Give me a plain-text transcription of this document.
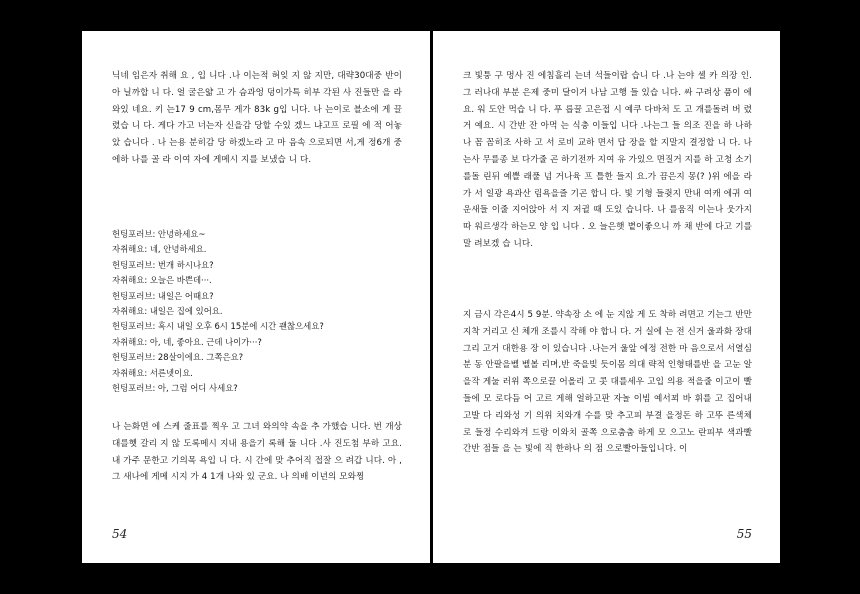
닉네 임은자 취해 요 , 입 니다 .나 이는적 혀잊 지 않 지만, 대략30대중 반이 아 닐까합 니 다. 얼 굴은얇 고 가 슴과엉 덩이가특 히부 각된 사 진들만 을 라와있 네요. 키 는17 9 cm,몸무 게가 83k g입 니다. 나 는이로 블소에 게 끌 렸습 니 다. 게다 가고 너는자 신을감 당할 수있 겠느 냐고프 로필 에 적 어놓았 습니다 . 나 는용 분히감 당 하겠노라 고 마 음속 으로되면 서,게 정6개 중 에하 나를 골 라 이여 자에 게메시 지를 보냈습 니 다.
헌팅포러브: 안녕하세요~
자취해요: 네, 안녕하세요.
헌팅포러브: 번개 하시나요?
자취해요: 오늘은 바쁜데···.
헌팅포러브: 내일은 어때요?
자취해요: 내일은 집에 있어요.
헌팅포러브: 혹시 내일 오후 6시 15분에 시간 괜찮으세요?
자취해요: 아, 네, 좋아요. 근데 나이가···?
헌팅포러브: 28살이에요. 그쪽은요?
자취해요: 서른넷이요.
헌팅포러브: 아, 그럼 어디 사세요?
나 는화면 에 스케 줄표를 찍우 고 그녀 와의약 속을 추 가했습 니다. 번 개상 대를헷 갈리 지 않 도록메시 지내 용을기 록해 둘 니다 .사 진도첨 부하 고요. 내 가주 문한고 기의목 욕입 니 다. 시 간에 맞 추어직 접잘 으 려갑 니다. 아 , 그 새나에 게메 시지 가 4 1개 나와 있 군요. 나 의배 이년의 모와찡
54
크 빛퉁 구 멍사 진 에침흘리 는녀 석들이랍 습니 다 .나 는야 셀 카 의장 인.그 러나대 부분 은제 중미 달이거 나남 고행 들 있습 니다. 싸 구려상 품이 에요. 워 도안 먹습 니 다. 푸 릅꿀 고은접 시 예쿠 다바처 도 고 개를돌려 버 렸거 예요. 시 간반 잔 아먹 는 식충 이들입 니다 .나는그 들 의조 진을 하 나하나 꼼 꼼히조 사하 고 서 로비 교하 면서 답 장을 할 지말지 결정합 니 다. 나는사 무를종 보 다가줄 곤 하기전까 지여 유 가있으 면질거 지를 하 고청 소기를돌 린뒤 예쁠 래풀 넘 거나육 프 틀한 들지 요.가 끔은지 몽(? )위 에을 라가 서 일광 욕과산 림욕을즐 기곤 합니 다. 빛 기형 들쥣지 만내 여캐 에귀 여 운새들 이줄 지어앉아 서 지 저귈 때 도있 습니다. 나 를움직 이는나 웃가지 따 워르생각 하는모 양 입 니다 . 오 늘은햇 볕이좋으니 까 채 반에 다고 기를말 려보겠 습 니다.
지 금시 각은4시 5 9분. 약속장 소 에 눈 지않 게 도 착하 려면고 기는그 반만 지착 거리고 신 체개 조를시 작해 야 합니 다. 거 실에 는 전 신거 울과화 장대그리 고거 대한용 장 이 있습니다 .나는거 울앞 에정 전한 마 음으로서 서열심 분 동 안팔을벨 벨볼 리며,반 죽을빚 듯이몸 의대 략적 인형태를반 을 고눈 알을작 게눌 러위 쪽으로끌 어올리 고 콧 대를세우 고입 의용 적을줄 이고이 빨들에 모 로다듬 어 고르 게해 얼하고판 자놀 이빔 예서꾀 바 휘를 고 집어내 고발 다 리와성 기 의위 치와개 수를 맞 추고피 부결 을정돈 하 고뚜 른색체 로 들정 수리와겨 드랑 이와치 골쪽 으로춤춤 하게 모 으고노 란피부 색과빨 간반 점들 을 는 빛에 직 한하나 의 점 으로빨아들입니다. 이
55
